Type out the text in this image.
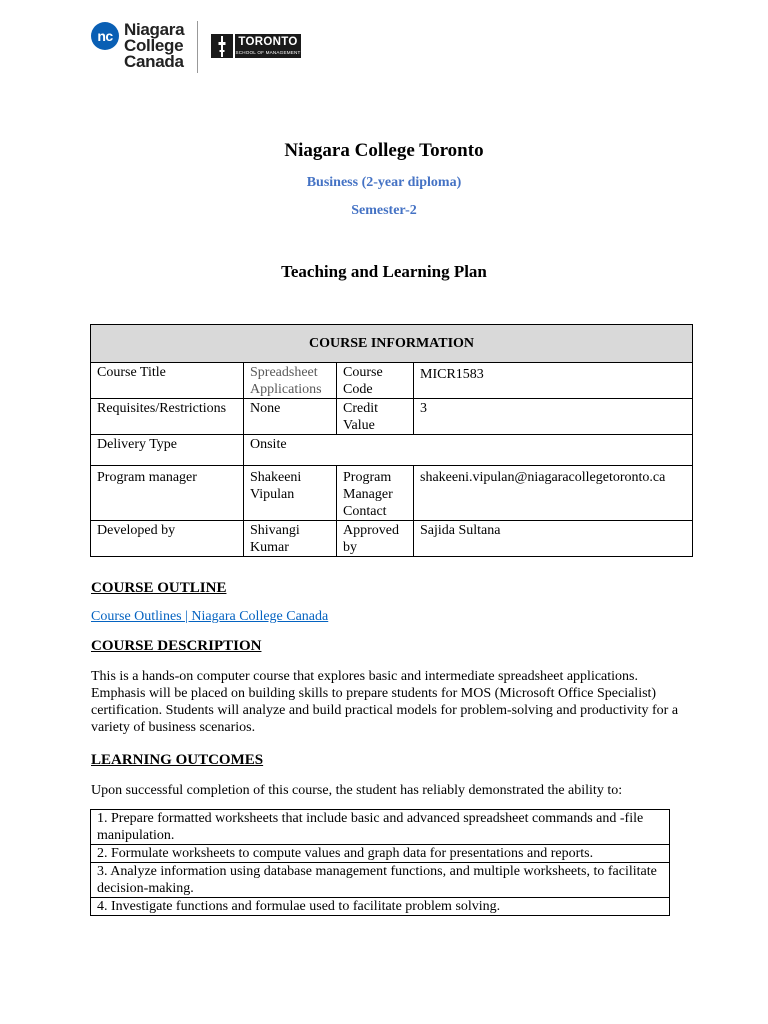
nc Niagara
College
Canada
TORONTO
SCHOOL OF MANAGEMENT
Niagara College Toronto
Business (2-year diploma)
Semester-2
Teaching and Learning Plan
COURSE INFORMATION			
Course Title	Spreadsheet Applications	Course Code	MICR1583
Requisites/Restrictions	None	Credit Value	3
Delivery Type	Onsite		
Program manager	Shakeeni Vipulan	Program Manager Contact	shakeeni.vipulan@niagaracollegetoronto.ca
Developed by	Shivangi Kumar	Approved by	Sajida Sultana
COURSE OUTLINE
Course Outlines | Niagara College Canada
COURSE DESCRIPTION
This is a hands-on computer course that explores basic and intermediate spreadsheet applications. Emphasis will be placed on building skills to prepare students for MOS (Microsoft Office Specialist) certification. Students will analyze and build practical models for problem-solving and productivity for a variety of business scenarios.
LEARNING OUTCOMES
Upon successful completion of this course, the student has reliably demonstrated the ability to:
1. Prepare formatted worksheets that include basic and advanced spreadsheet commands and -file manipulation.
2. Formulate worksheets to compute values and graph data for presentations and reports.
3. Analyze information using database management functions, and multiple worksheets, to facilitate decision-making.
4. Investigate functions and formulae used to facilitate problem solving.
